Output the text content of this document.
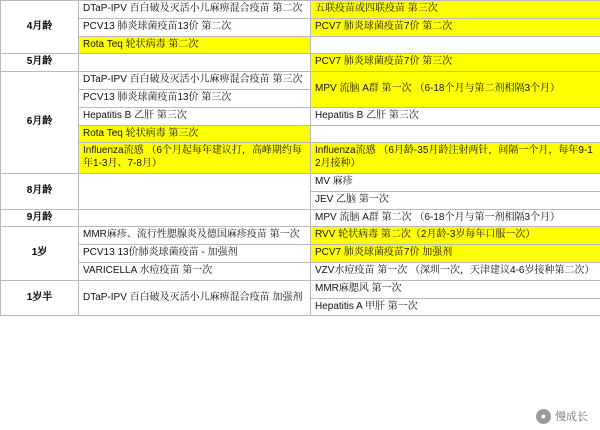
4月龄	DTaP-IPV 百白破及灭活小儿麻痹混合疫苗 第二次	五联疫苗或四联疫苗 第三次
	PCV13 肺炎球菌疫苗13价 第二次	PCV7 肺炎球菌疫苗7价 第二次
	Rota Teq 轮状病毒 第二次	
5月龄		PCV7 肺炎球菌疫苗7价 第三次
6月龄	DTaP-IPV 百白破及灭活小儿麻痹混合疫苗 第三次	MPV 流脑 A群 第一次 （6-18个月与第二剂相隔3个月）
	PCV13 肺炎球菌疫苗13价 第三次	
	Hepatitis B 乙肝 第三次	Hepatitis B 乙肝 第三次
	Rota Teq 轮状病毒 第三次	
	Influenza流感 （6个月起每年建议打，高峰期约每年1-3月、7-8月）	Influenza流感 （6月龄-35月龄注射两针，间隔一个月，每年9-12月接种）
8月龄		MV 麻疹
		JEV 乙脑 第一次
9月龄		MPV 流脑 A群 第二次 （6-18个月与第一剂相隔3个月）
1岁	MMR麻疹、流行性腮腺炎及德国麻疹疫苗 第一次	RVV 轮状病毒 第二次（2月龄-3岁每年口服一次）
	PCV13 13价肺炎球菌疫苗 - 加强剂	PCV7 肺炎球菌疫苗7价 加强剂
	VARICELLA 水痘疫苗 第一次	VZV水痘疫苗 第一次 （深圳一次，天津建议4-6岁接种第二次）
1岁半	DTaP-IPV 百白破及灭活小儿麻痹混合疫苗 加强剂	MMR麻腮风 第一次
		Hepatitis A 甲肝 第一次
● 慢成长
